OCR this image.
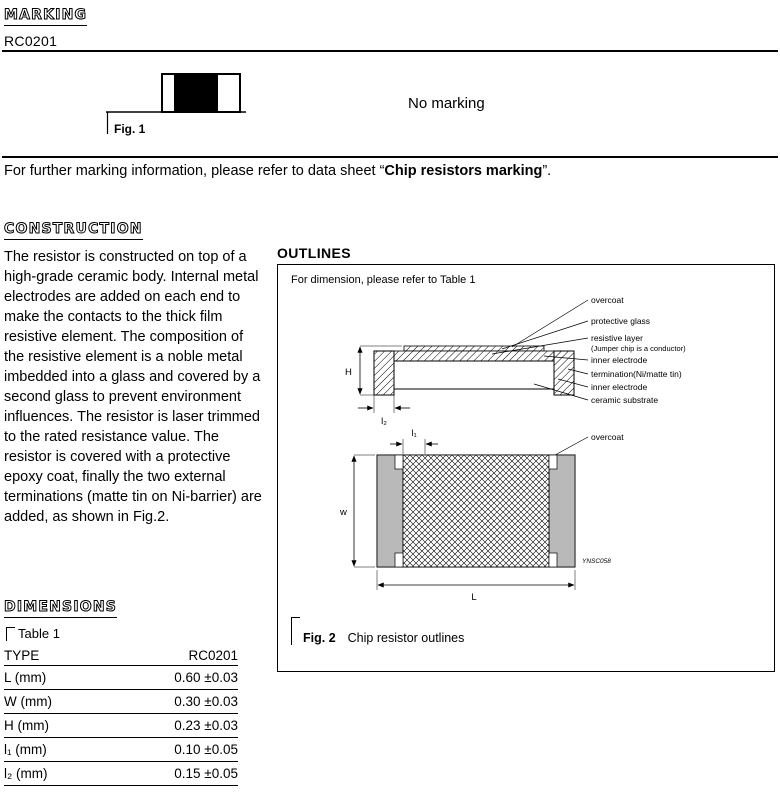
MARKING
RC0201
Fig. 1
No marking

For further marking information, please refer to data sheet “Chip resistors marking”.

CONSTRUCTION

The resistor is constructed on top of a high-grade ceramic body. Internal metal electrodes are added on each end to make the contacts to the thick film resistive element. The composition of the resistive element is a noble metal imbedded into a glass and covered by a second glass to prevent environment influences. The resistor is laser trimmed to the rated resistance value. The resistor is covered with a protective epoxy coat, finally the two external terminations (matte tin on Ni-barrier) are added, as shown in Fig.2.

OUTLINES
For dimension, please refer to Table 1
H
l₂
overcoat
protective glass
resistive layer
(Jumper chip is a conductor)
inner electrode
termination(Ni/matte tin)
inner electrode
ceramic substrate
overcoat
l₁
w
L
YNSC058
Fig. 2 Chip resistor outlines
DIMENSIONS
Table 1
TYPE	RC0201
L (mm)	0.60 ±0.03
W (mm)	0.30 ±0.03
H (mm)	0.23 ±0.03
l₁ (mm)	0.10 ±0.05
l₂ (mm)	0.15 ±0.05
